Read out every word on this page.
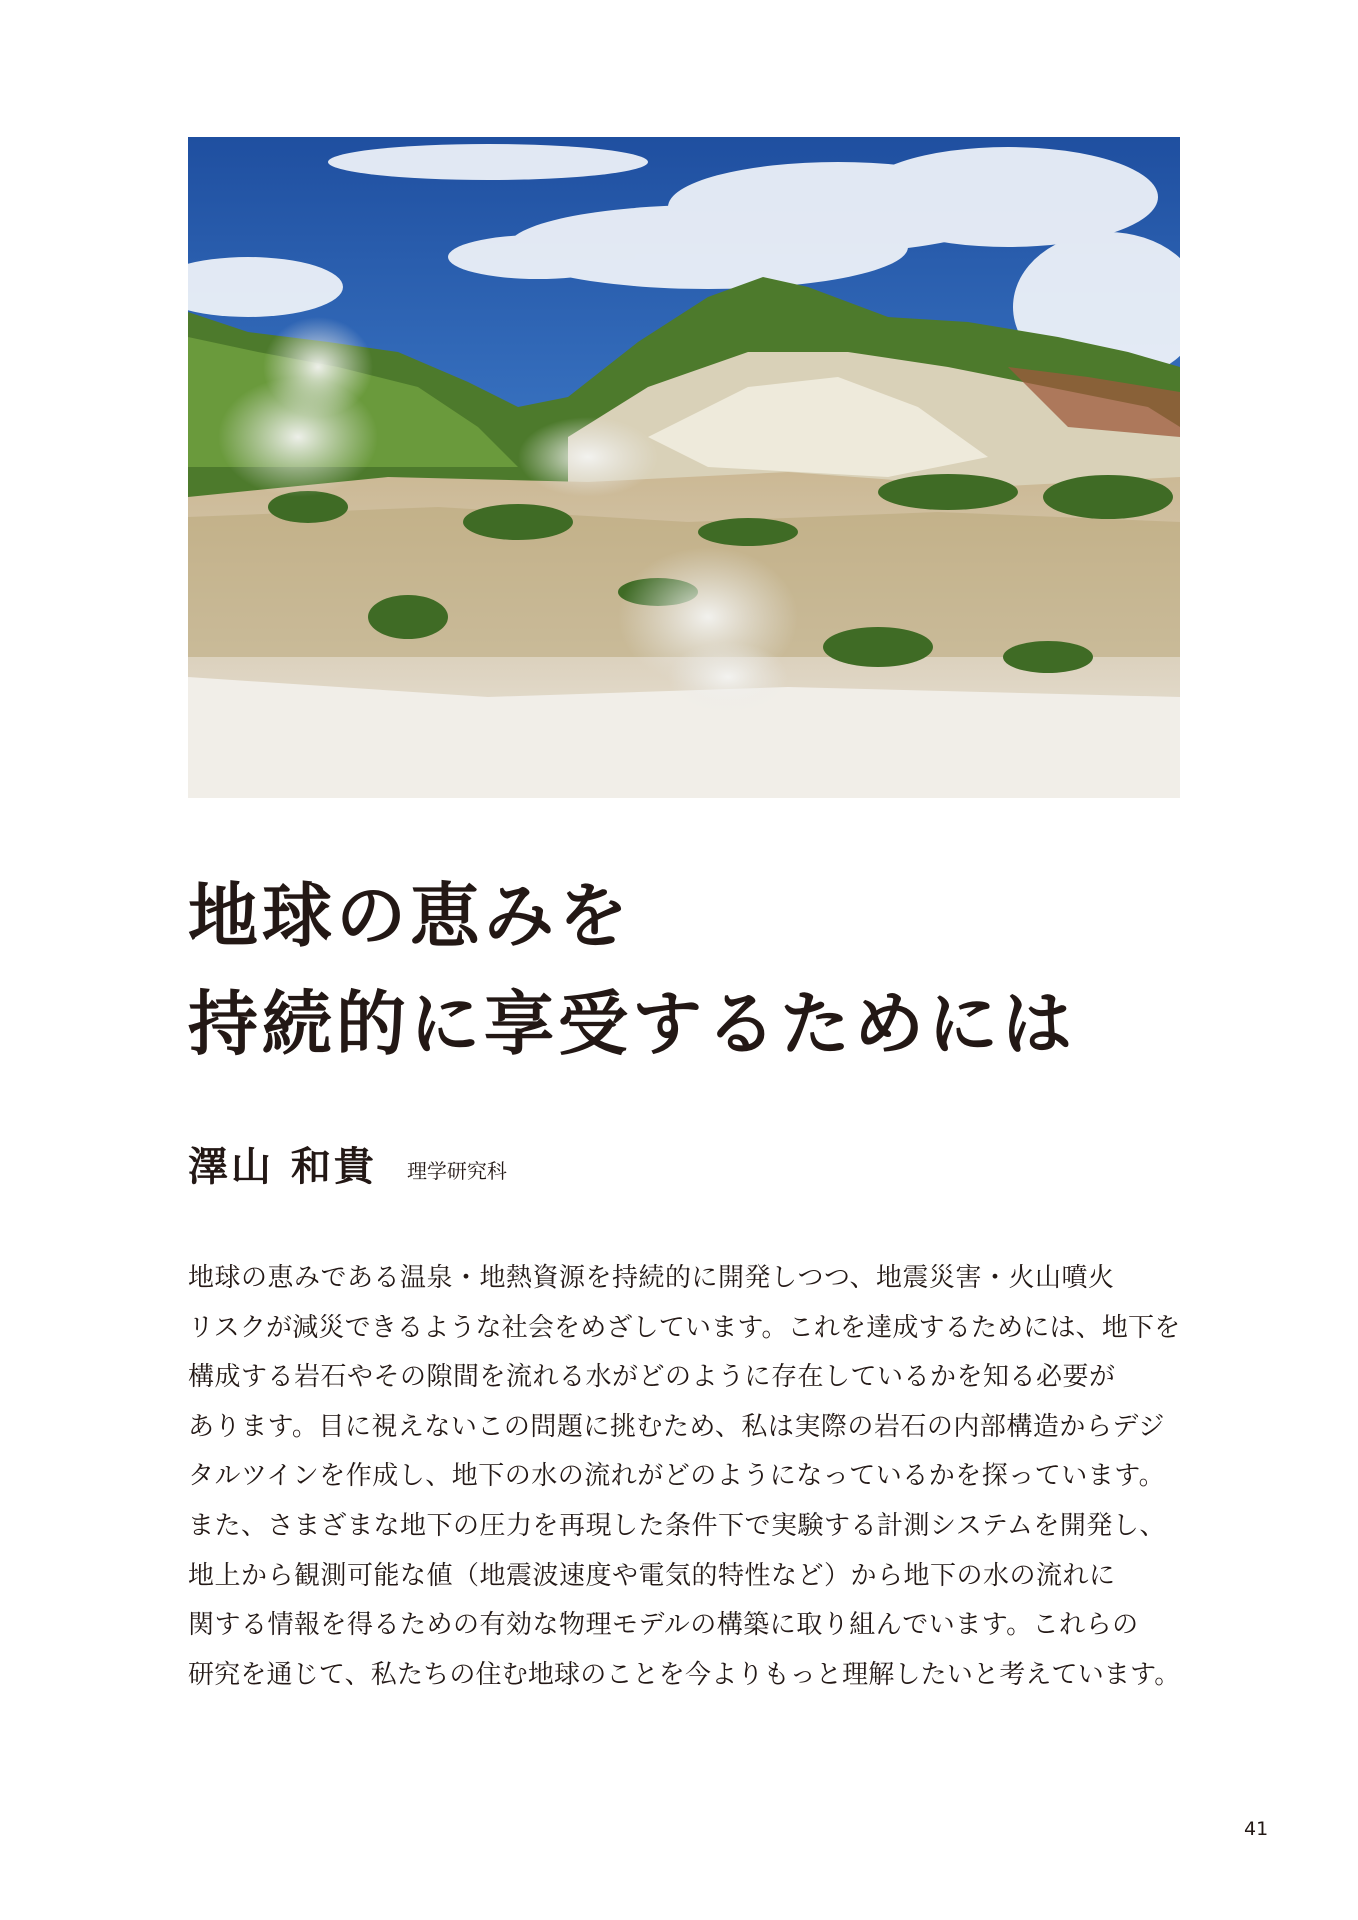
地球の恵みを
持続的に享受するためには
澤山 和貴 理学研究科
地球の恵みである温泉・地熱資源を持続的に開発しつつ、地震災害・火山噴火
リスクが減災できるような社会をめざしています。これを達成するためには、地下を
構成する岩石やその隙間を流れる水がどのように存在しているかを知る必要が
あります。目に視えないこの問題に挑むため、私は実際の岩石の内部構造からデジ
タルツインを作成し、地下の水の流れがどのようになっているかを探っています。
また、さまざまな地下の圧力を再現した条件下で実験する計測システムを開発し、
地上から観測可能な値（地震波速度や電気的特性など）から地下の水の流れに
関する情報を得るための有効な物理モデルの構築に取り組んでいます。これらの
研究を通じて、私たちの住む地球のことを今よりもっと理解したいと考えています。
41
